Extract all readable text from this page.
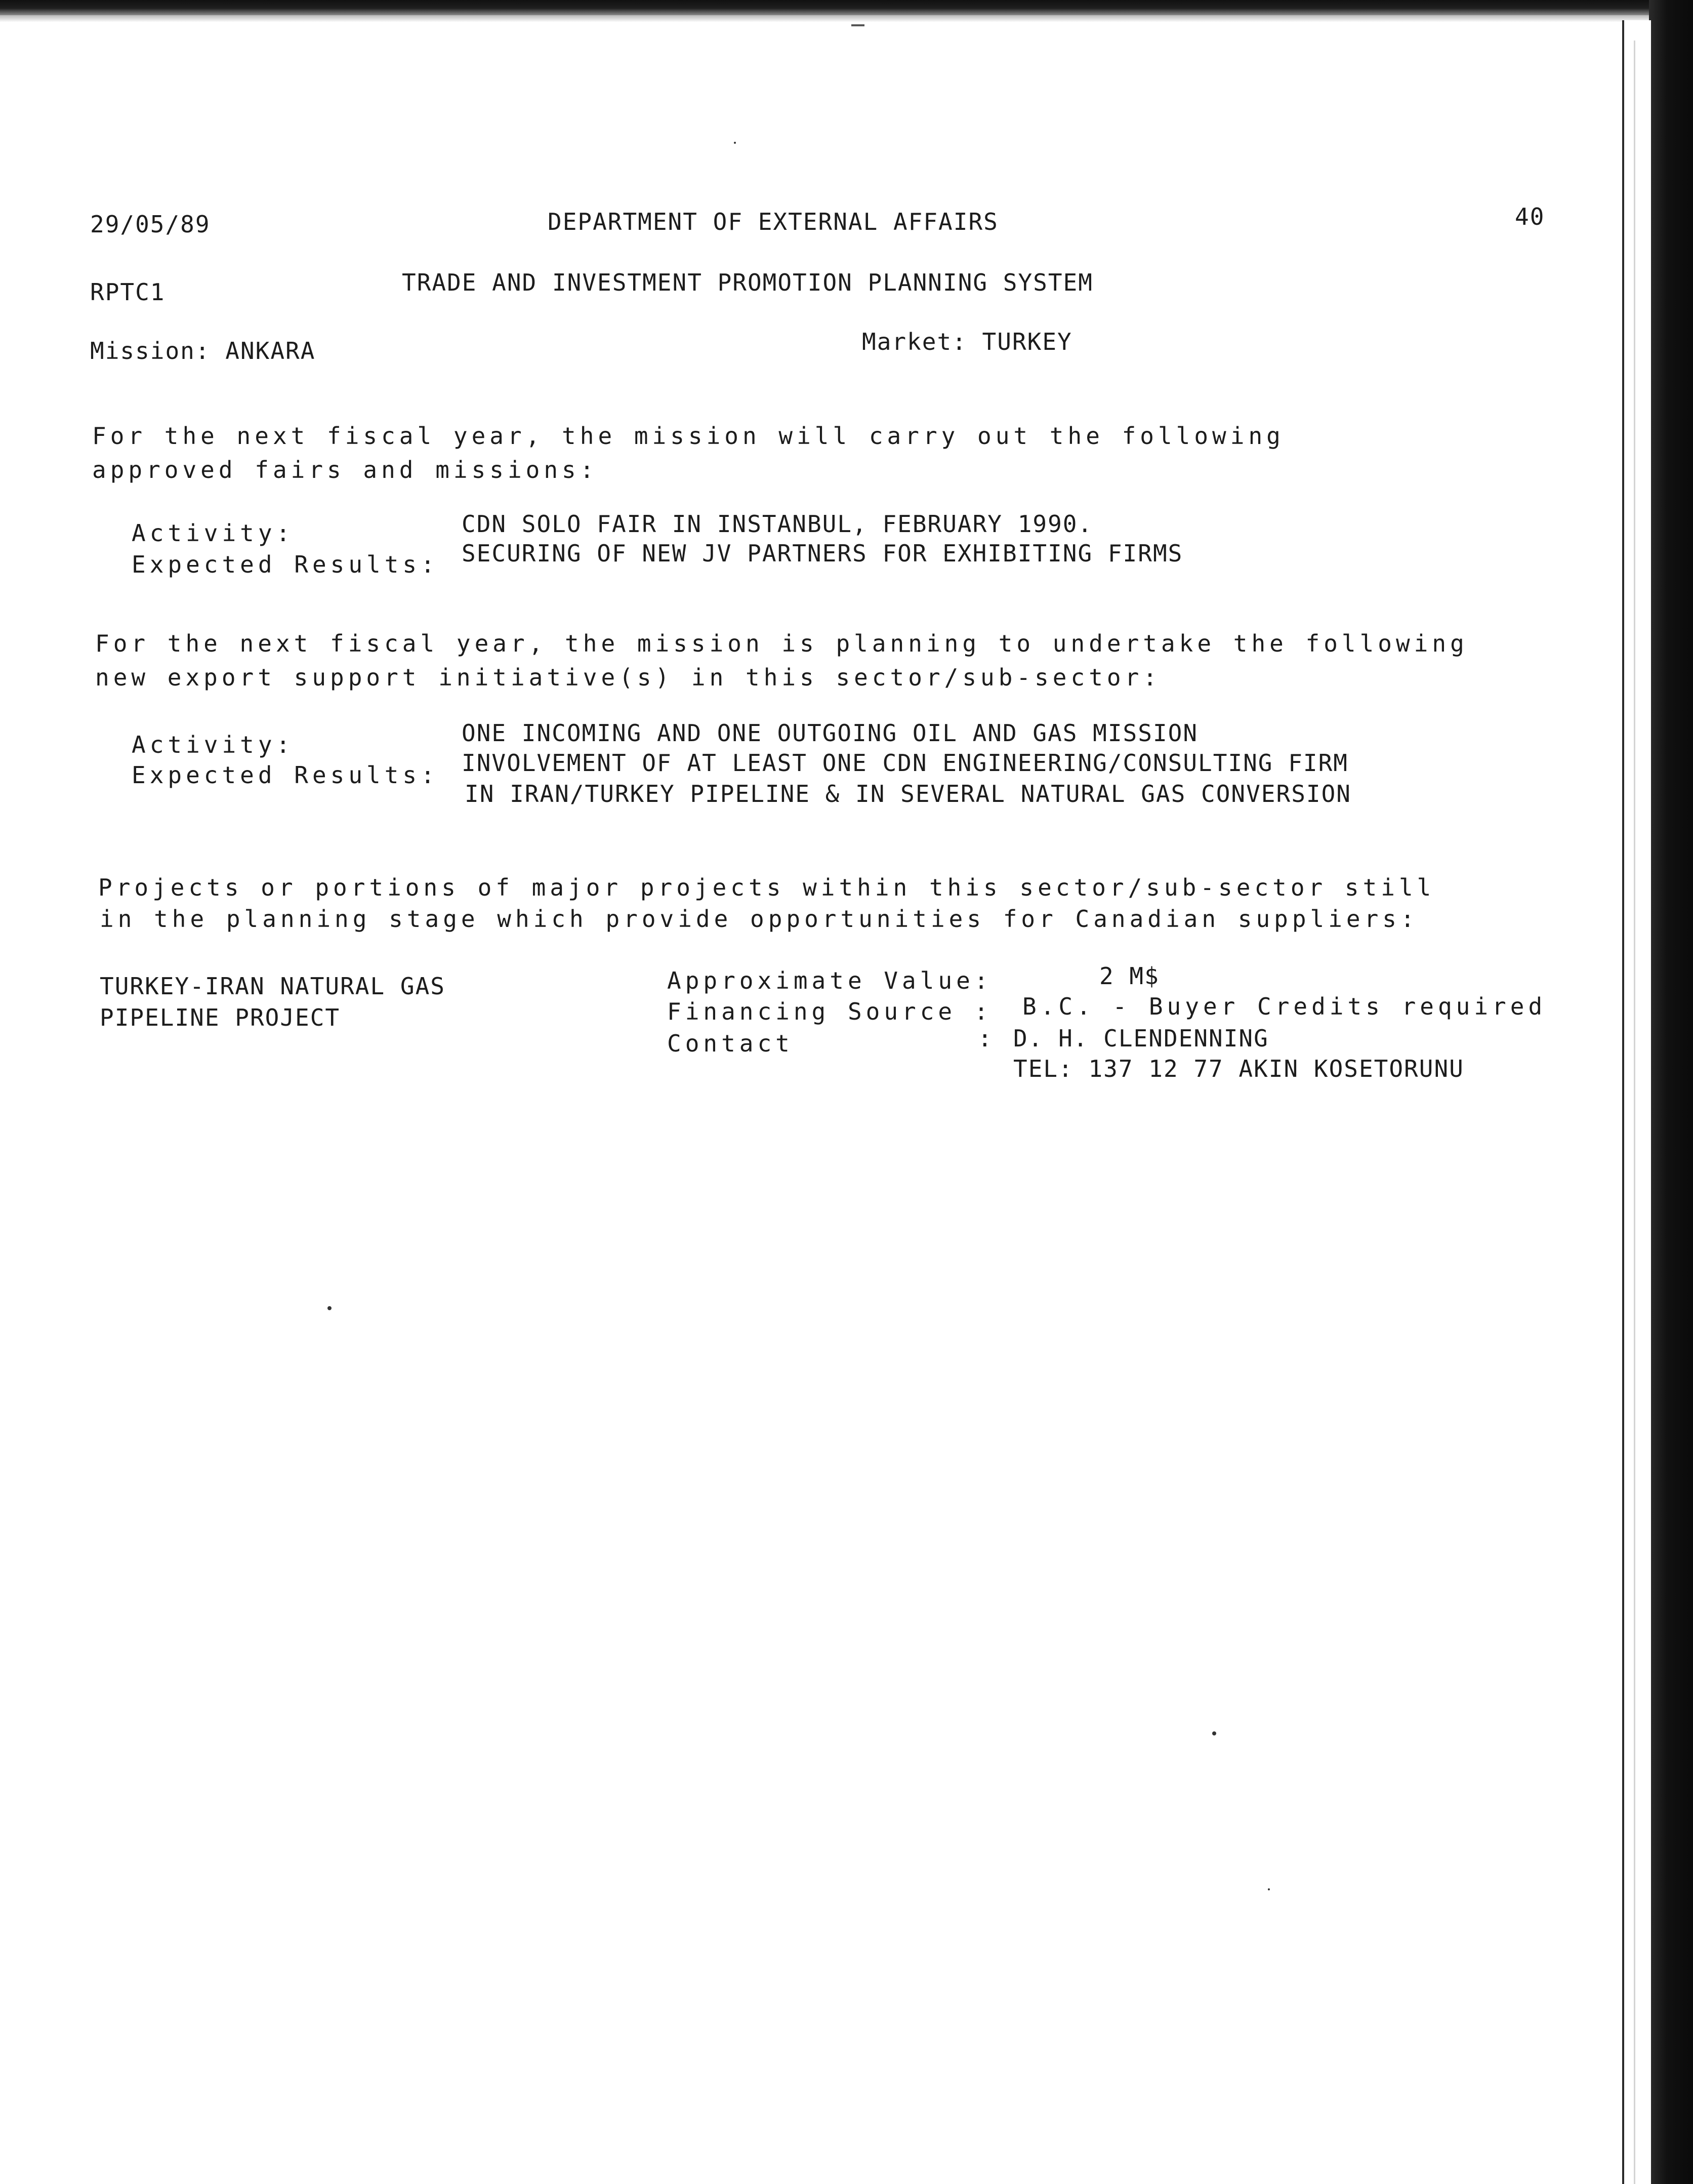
29/05/89	DEPARTMENT OF EXTERNAL AFFAIRS	40
RPTC1	TRADE AND INVESTMENT PROMOTION PLANNING SYSTEM
Mission: ANKARA	Market: TURKEY
For the next fiscal year, the mission will carry out the following
approved fairs and missions:
Activity:	CDN SOLO FAIR IN INSTANBUL, FEBRUARY 1990.
Expected Results: SECURING OF NEW JV PARTNERS FOR EXHIBITING FIRMS
For the next fiscal year, the mission is planning to undertake the following
new export support initiative(s) in this sector/sub-sector:
Activity:	ONE INCOMING AND ONE OUTGOING OIL AND GAS MISSION
Expected Results: INVOLVEMENT OF AT LEAST ONE CDN ENGINEERING/CONSULTING FIRM
IN IRAN/TURKEY PIPELINE & IN SEVERAL NATURAL GAS CONVERSION
Projects or portions of major projects within this sector/sub-sector still
in the planning stage which provide opportunities for Canadian suppliers:
TURKEY-IRAN NATURAL GAS
PIPELINE PROJECT
Approximate Value:	2 M$
Financing Source : B.C. - Buyer Credits required
Contact	: D. H. CLENDENNING
TEL: 137 12 77 AKIN KOSETORUNU
